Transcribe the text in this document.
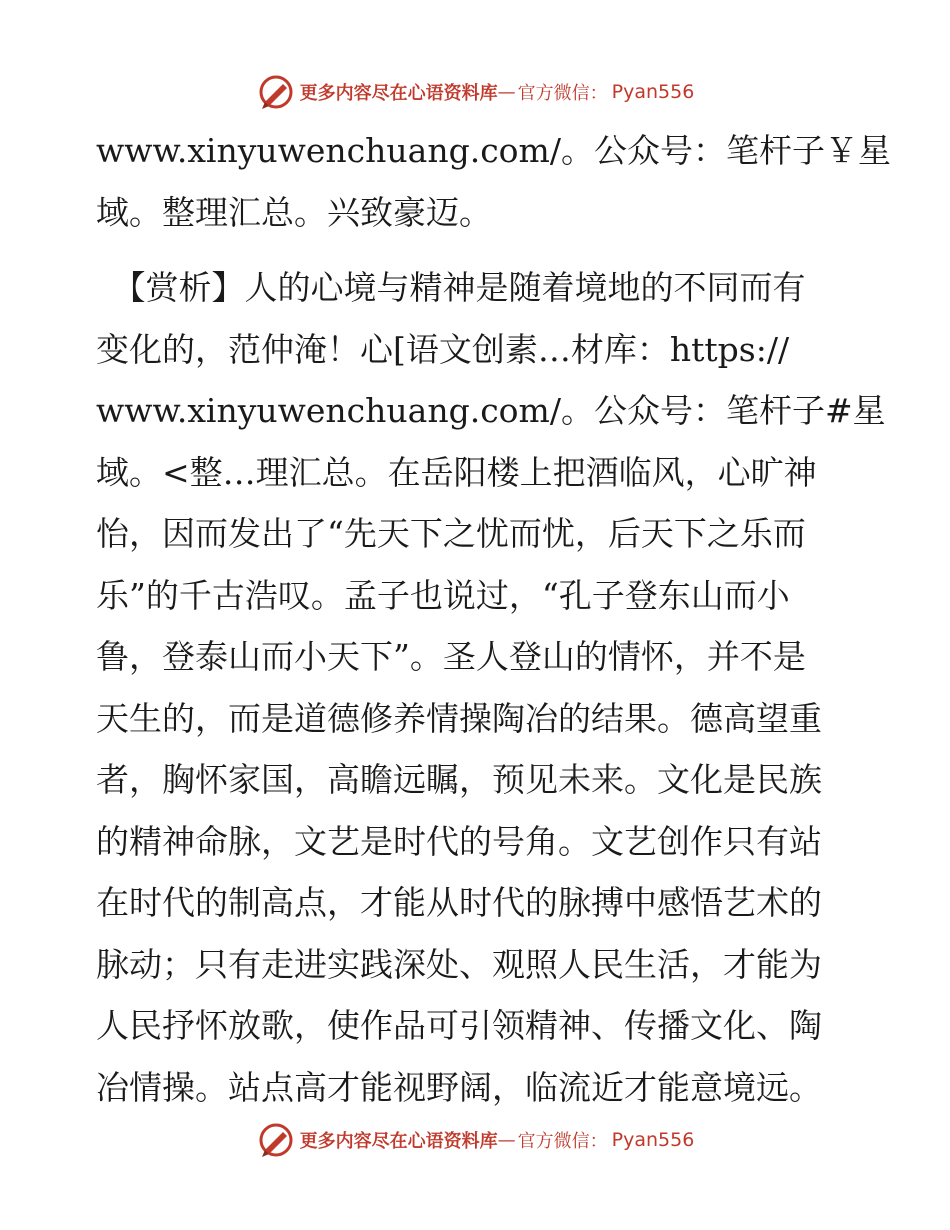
更多内容尽在心语资料库 — 官方微信： Pyan556
www.xinyuwenchuang.com/。公众号：笔杆子￥星
域。整理汇总。兴致豪迈。
　【赏析】人的心境与精神是随着境地的不同而有
变化的，范仲淹！心[语文创素…材库：https://
www.xinyuwenchuang.com/。公众号：笔杆子#星
域。<整…理汇总。在岳阳楼上把酒临风，心旷神
怡，因而发出了“先天下之忧而忧，后天下之乐而
乐”的千古浩叹。孟子也说过，“孔子登东山而小
鲁，登泰山而小天下”。圣人登山的情怀，并不是
天生的，而是道德修养情操陶冶的结果。德高望重
者，胸怀家国，高瞻远瞩，预见未来。文化是民族
的精神命脉，文艺是时代的号角。文艺创作只有站
在时代的制高点，才能从时代的脉搏中感悟艺术的
脉动；只有走进实践深处、观照人民生活，才能为
人民抒怀放歌，使作品可引领精神、传播文化、陶
冶情操。站点高才能视野阔，临流近才能意境远。
更多内容尽在心语资料库 — 官方微信： Pyan556
